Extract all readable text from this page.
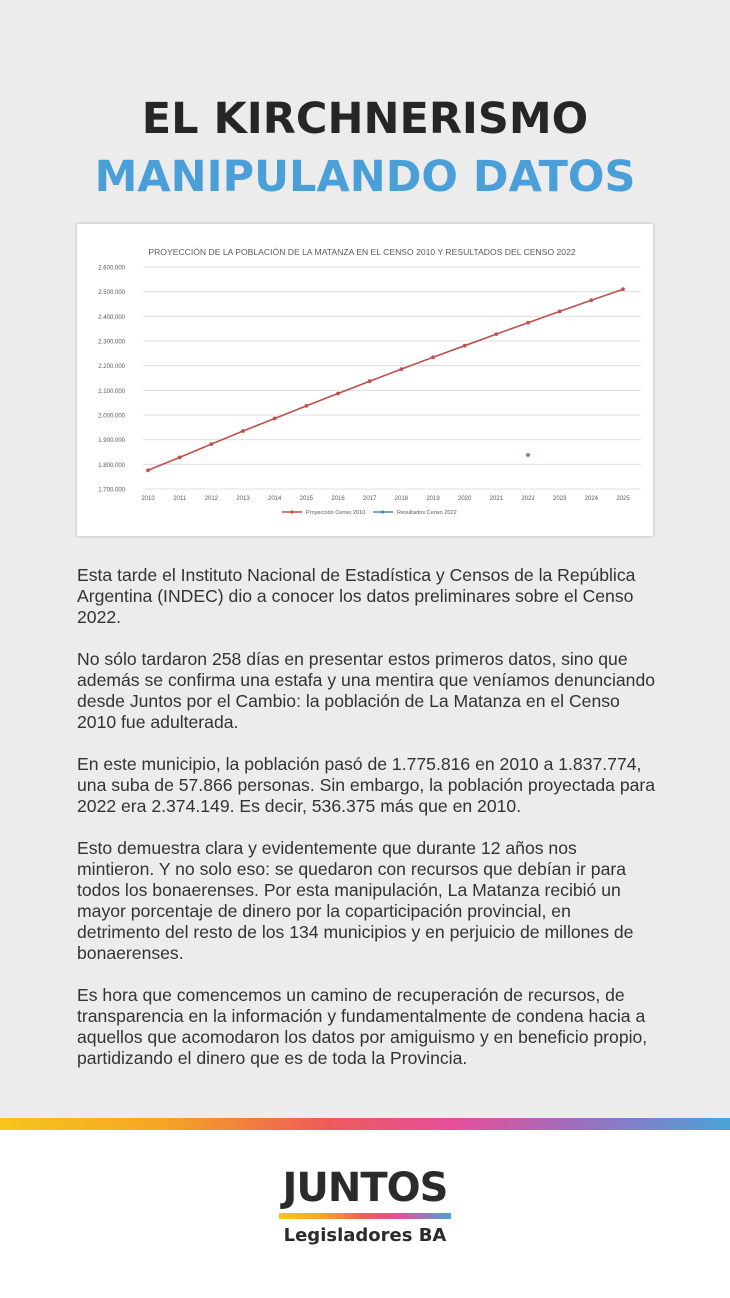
EL KIRCHNERISMO
MANIPULANDO DATOS
PROYECCIÓN DE LA POBLACIÓN DE LA MATANZA EN EL CENSO 2010 Y RESULTADOS DEL CENSO 2022
1.700.000
1.800.000
1.900.000
2.000.000
2.100.000
2.200.000
2.300.000
2.400.000
2.500.000
2.600.000
2010	2011	2012	2013	2014	2015	2016	2017	2018	2019	2020	2021	2022	2023	2024	2025
Proyección Censo 2010	Resultados Censo 2022

Esta tarde el Instituto Nacional de Estadística y Censos de la República Argentina (INDEC) dio a conocer los datos preliminares sobre el Censo 2022.

No sólo tardaron 258 días en presentar estos primeros datos, sino que además se confirma una estafa y una mentira que veníamos denunciando desde Juntos por el Cambio: la población de La Matanza en el Censo 2010 fue adulterada.

En este municipio, la población pasó de 1.775.816 en 2010 a 1.837.774, una suba de 57.866 personas. Sin embargo, la población proyectada para 2022 era 2.374.149. Es decir, 536.375 más que en 2010.

Esto demuestra clara y evidentemente que durante 12 años nos mintieron. Y no solo eso: se quedaron con recursos que debían ir para todos los bonaerenses. Por esta manipulación, La Matanza recibió un mayor porcentaje de dinero por la coparticipación provincial, en detrimento del resto de los 134 municipios y en perjuicio de millones de bonaerenses.

Es hora que comencemos un camino de recuperación de recursos, de transparencia en la información y fundamentalmente de condena hacia a aquellos que acomodaron los datos por amiguismo y en beneficio propio, partidizando el dinero que es de toda la Provincia.

JUNTOS
Legisladores BA
